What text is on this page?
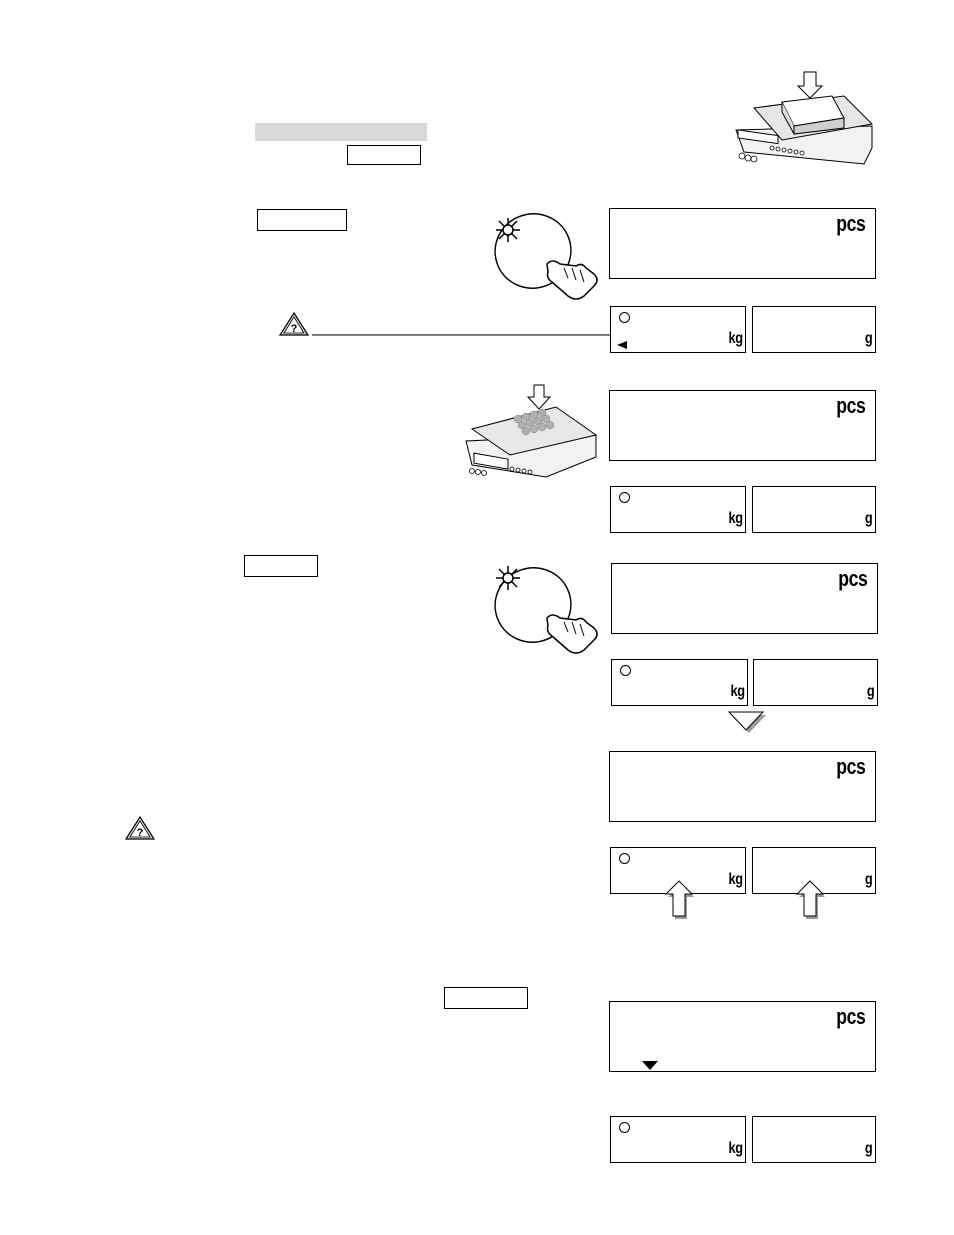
pcs
?
kg	g
pcs
kg	g
pcs
kg	g
pcs
?
kg	g
pcs
kg	g
